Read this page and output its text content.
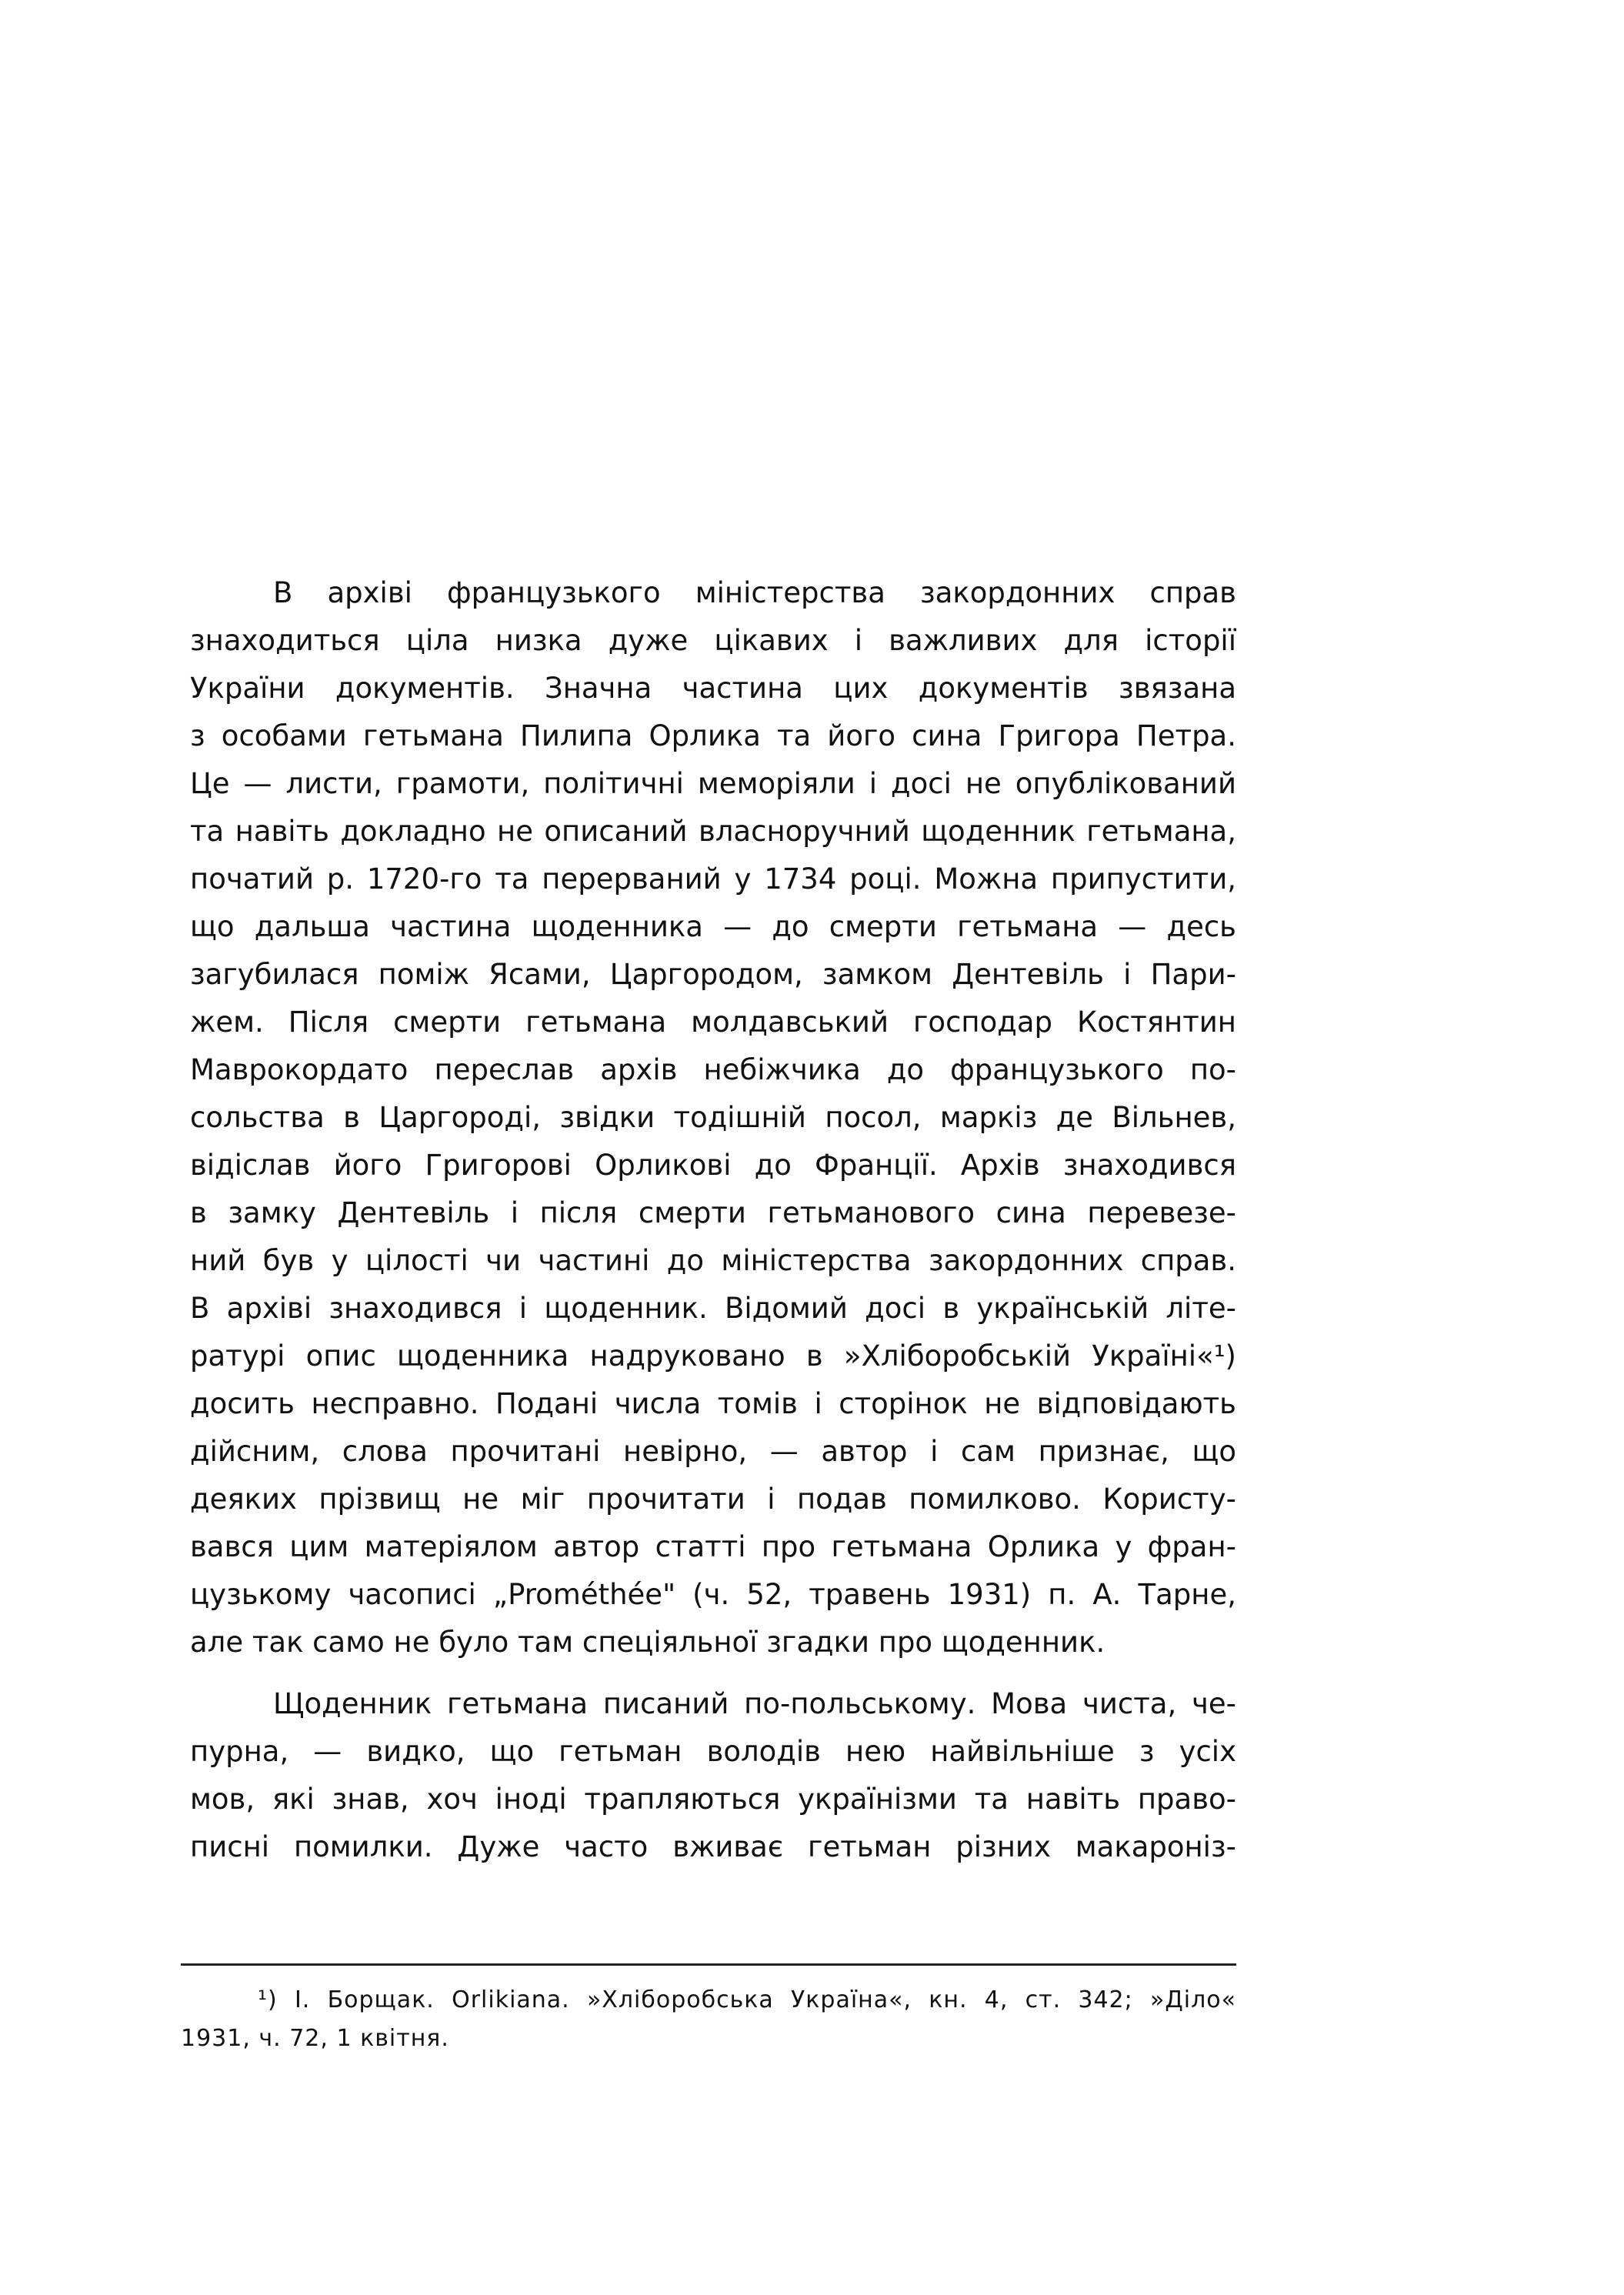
В архіві французького міністерства закордонних справ
знаходиться ціла низка дуже цікавих і важливих для історії
України документів. Значна частина цих документів звязана
з особами гетьмана Пилипа Орлика та його сина Григора Петра.
Це — листи, грамоти, політичні меморіяли і досі не опублікований
та навіть докладно не описаний власноручний щоденник гетьмана,
початий р. 1720-го та перерваний у 1734 році. Можна припустити,
що дальша частина щоденника — до смерти гетьмана — десь
загубилася поміж Ясами, Царгородом, замком Дентевіль і Пари-
жем. Після смерти гетьмана молдавський господар Костянтин
Маврокордато переслав архів небіжчика до французького по-
сольства в Царгороді, звідки тодішній посол, маркіз де Вільнев,
відіслав його Григорові Орликові до Франції. Архів знаходився
в замку Дентевіль і після смерти гетьманового сина перевезе-
ний був у цілості чи частині до міністерства закордонних справ.
В архіві знаходився і щоденник. Відомий досі в українській літе-
ратурі опис щоденника надруковано в »Хліборобській Україні«¹)
досить несправно. Подані числа томів і сторінок не відповідають
дійсним, слова прочитані невірно, — автор і сам признає, що
деяких прізвищ не міг прочитати і подав помилково. Користу-
вався цим матеріялом автор статті про гетьмана Орлика у фран-
цузькому часописі „Prométhée" (ч. 52, травень 1931) п. А. Тарне,
але так само не було там спеціяльної згадки про щоденник.
Щоденник гетьмана писаний по-польському. Мова чиста, че-
пурна, — видко, що гетьман володів нею найвільніше з усіх
мов, які знав, хоч іноді трапляються українізми та навіть право-
писні помилки. Дуже часто вживає гетьман різних макароніз-
¹) І. Борщак. Orlikiana. »Хліборобська Україна«, кн. 4, ст. 342; »Діло«
1931, ч. 72, 1 квітня.
